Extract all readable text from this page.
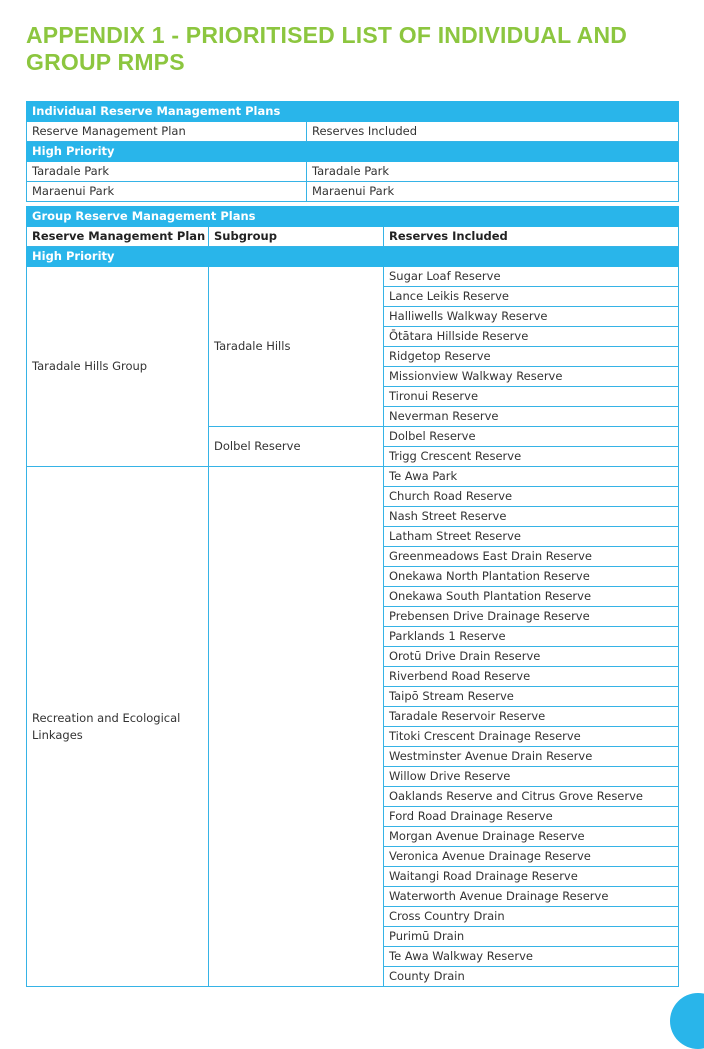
APPENDIX 1 - PRIORITISED LIST OF INDIVIDUAL AND GROUP RMPS
Individual Reserve Management Plans	
Reserve Management Plan	Reserves Included
High Priority	
Taradale Park	Taradale Park
Maraenui Park	Maraenui Park
Group Reserve Management Plans		
Reserve Management Plan	Subgroup	Reserves Included
High Priority		
Taradale Hills Group	Taradale Hills	Sugar Loaf Reserve
		Lance Leikis Reserve
		Halliwells Walkway Reserve
		Ōtātara Hillside Reserve
		Ridgetop Reserve
		Missionview Walkway Reserve
		Tironui Reserve
		Neverman Reserve
	Dolbel Reserve	Dolbel Reserve
		Trigg Crescent Reserve
Recreation and Ecological Linkages		Te Awa Park
		Church Road Reserve
		Nash Street Reserve
		Latham Street Reserve
		Greenmeadows East Drain Reserve
		Onekawa North Plantation Reserve
		Onekawa South Plantation Reserve
		Prebensen Drive Drainage Reserve
		Parklands 1 Reserve
		Orotū Drive Drain Reserve
		Riverbend Road Reserve
		Taipō Stream Reserve
		Taradale Reservoir Reserve
		Titoki Crescent Drainage Reserve
		Westminster Avenue Drain Reserve
		Willow Drive Reserve
		Oaklands Reserve and Citrus Grove Reserve
		Ford Road Drainage Reserve
		Morgan Avenue Drainage Reserve
		Veronica Avenue Drainage Reserve
		Waitangi Road Drainage Reserve
		Waterworth Avenue Drainage Reserve
		Cross Country Drain
		Purimū Drain
		Te Awa Walkway Reserve
		County Drain
